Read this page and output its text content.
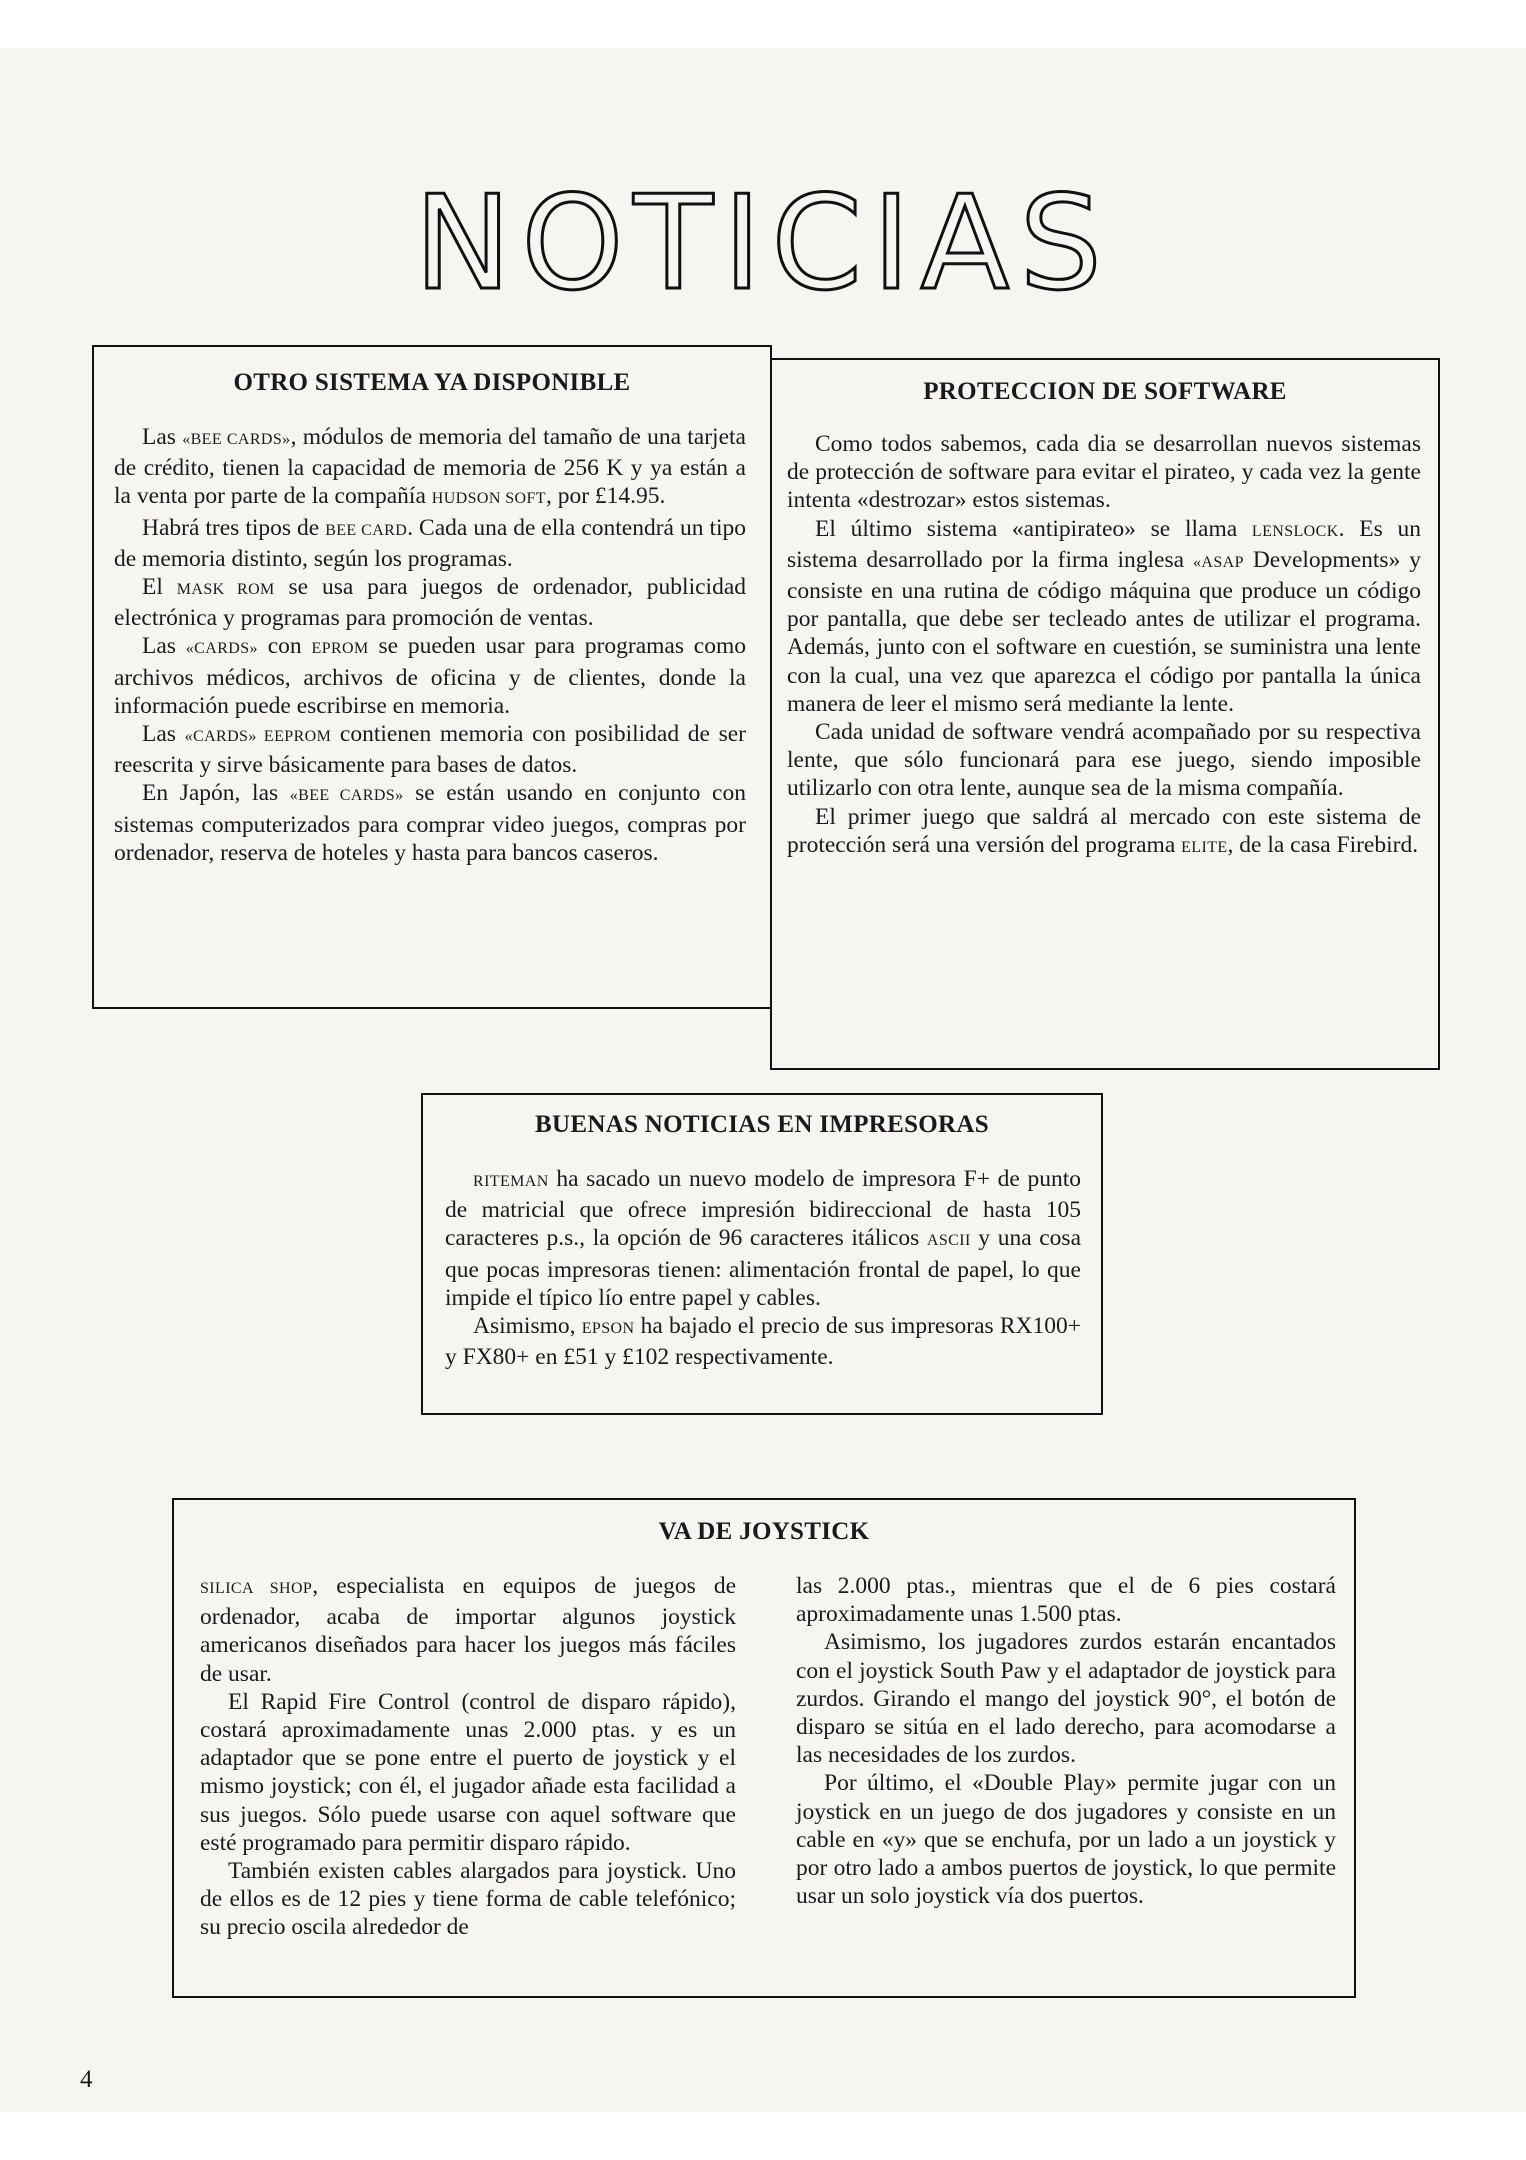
NOTICIAS
OTRO SISTEMA YA DISPONIBLE

Las «BEE CARDS», módulos de memoria del tamaño de una tarjeta de crédito, tienen la capacidad de memoria de 256 K y ya están a la venta por parte de la compañía HUDSON SOFT, por £14.95.

Habrá tres tipos de BEE CARD. Cada una de ella contendrá un tipo de memoria distinto, según los programas.

El MASK ROM se usa para juegos de ordenador, publicidad electrónica y programas para promoción de ventas.

Las «CARDS» con EPROM se pueden usar para programas como archivos médicos, archivos de oficina y de clientes, donde la información puede escribirse en memoria.

Las «CARDS» EEPROM contienen memoria con posibilidad de ser reescrita y sirve básicamente para bases de datos.

En Japón, las «BEE CARDS» se están usando en conjunto con sistemas computerizados para comprar video juegos, compras por ordenador, reserva de hoteles y hasta para bancos caseros.

PROTECCION DE SOFTWARE

Como todos sabemos, cada dia se desarrollan nuevos sistemas de protección de software para evitar el pirateo, y cada vez la gente intenta «destrozar» estos sistemas.

El último sistema «antipirateo» se llama LENSLOCK. Es un sistema desarrollado por la firma inglesa «ASAP Developments» y consiste en una rutina de código máquina que produce un código por pantalla, que debe ser tecleado antes de utilizar el programa. Además, junto con el software en cuestión, se suministra una lente con la cual, una vez que aparezca el código por pantalla la única manera de leer el mismo será mediante la lente.

Cada unidad de software vendrá acompañado por su respectiva lente, que sólo funcionará para ese juego, siendo imposible utilizarlo con otra lente, aunque sea de la misma compañía.

El primer juego que saldrá al mercado con este sistema de protección será una versión del programa ELITE, de la casa Firebird.

BUENAS NOTICIAS EN IMPRESORAS

RITEMAN ha sacado un nuevo modelo de impresora F+ de punto de matricial que ofrece impresión bidireccional de hasta 105 caracteres p.s., la opción de 96 caracteres itálicos ASCII y una cosa que pocas impresoras tienen: alimentación frontal de papel, lo que impide el típico lío entre papel y cables.

Asimismo, EPSON ha bajado el precio de sus impresoras RX100+ y FX80+ en £51 y £102 respectivamente.

VA DE JOYSTICK

SILICA SHOP, especialista en equipos de juegos de ordenador, acaba de importar algunos joystick americanos diseñados para hacer los juegos más fáciles de usar.

El Rapid Fire Control (control de disparo rápido), costará aproximadamente unas 2.000 ptas. y es un adaptador que se pone entre el puerto de joystick y el mismo joystick; con él, el jugador añade esta facilidad a sus juegos. Sólo puede usarse con aquel software que esté programado para permitir disparo rápido.

También existen cables alargados para joystick. Uno de ellos es de 12 pies y tiene forma de cable telefónico; su precio oscila alrededor de

las 2.000 ptas., mientras que el de 6 pies costará aproximadamente unas 1.500 ptas.

Asimismo, los jugadores zurdos estarán encantados con el joystick South Paw y el adaptador de joystick para zurdos. Girando el mango del joystick 90°, el botón de disparo se sitúa en el lado derecho, para acomodarse a las necesidades de los zurdos.

Por último, el «Double Play» permite jugar con un joystick en un juego de dos jugadores y consiste en un cable en «y» que se enchufa, por un lado a un joystick y por otro lado a ambos puertos de joystick, lo que permite usar un solo joystick vía dos puertos.

4
